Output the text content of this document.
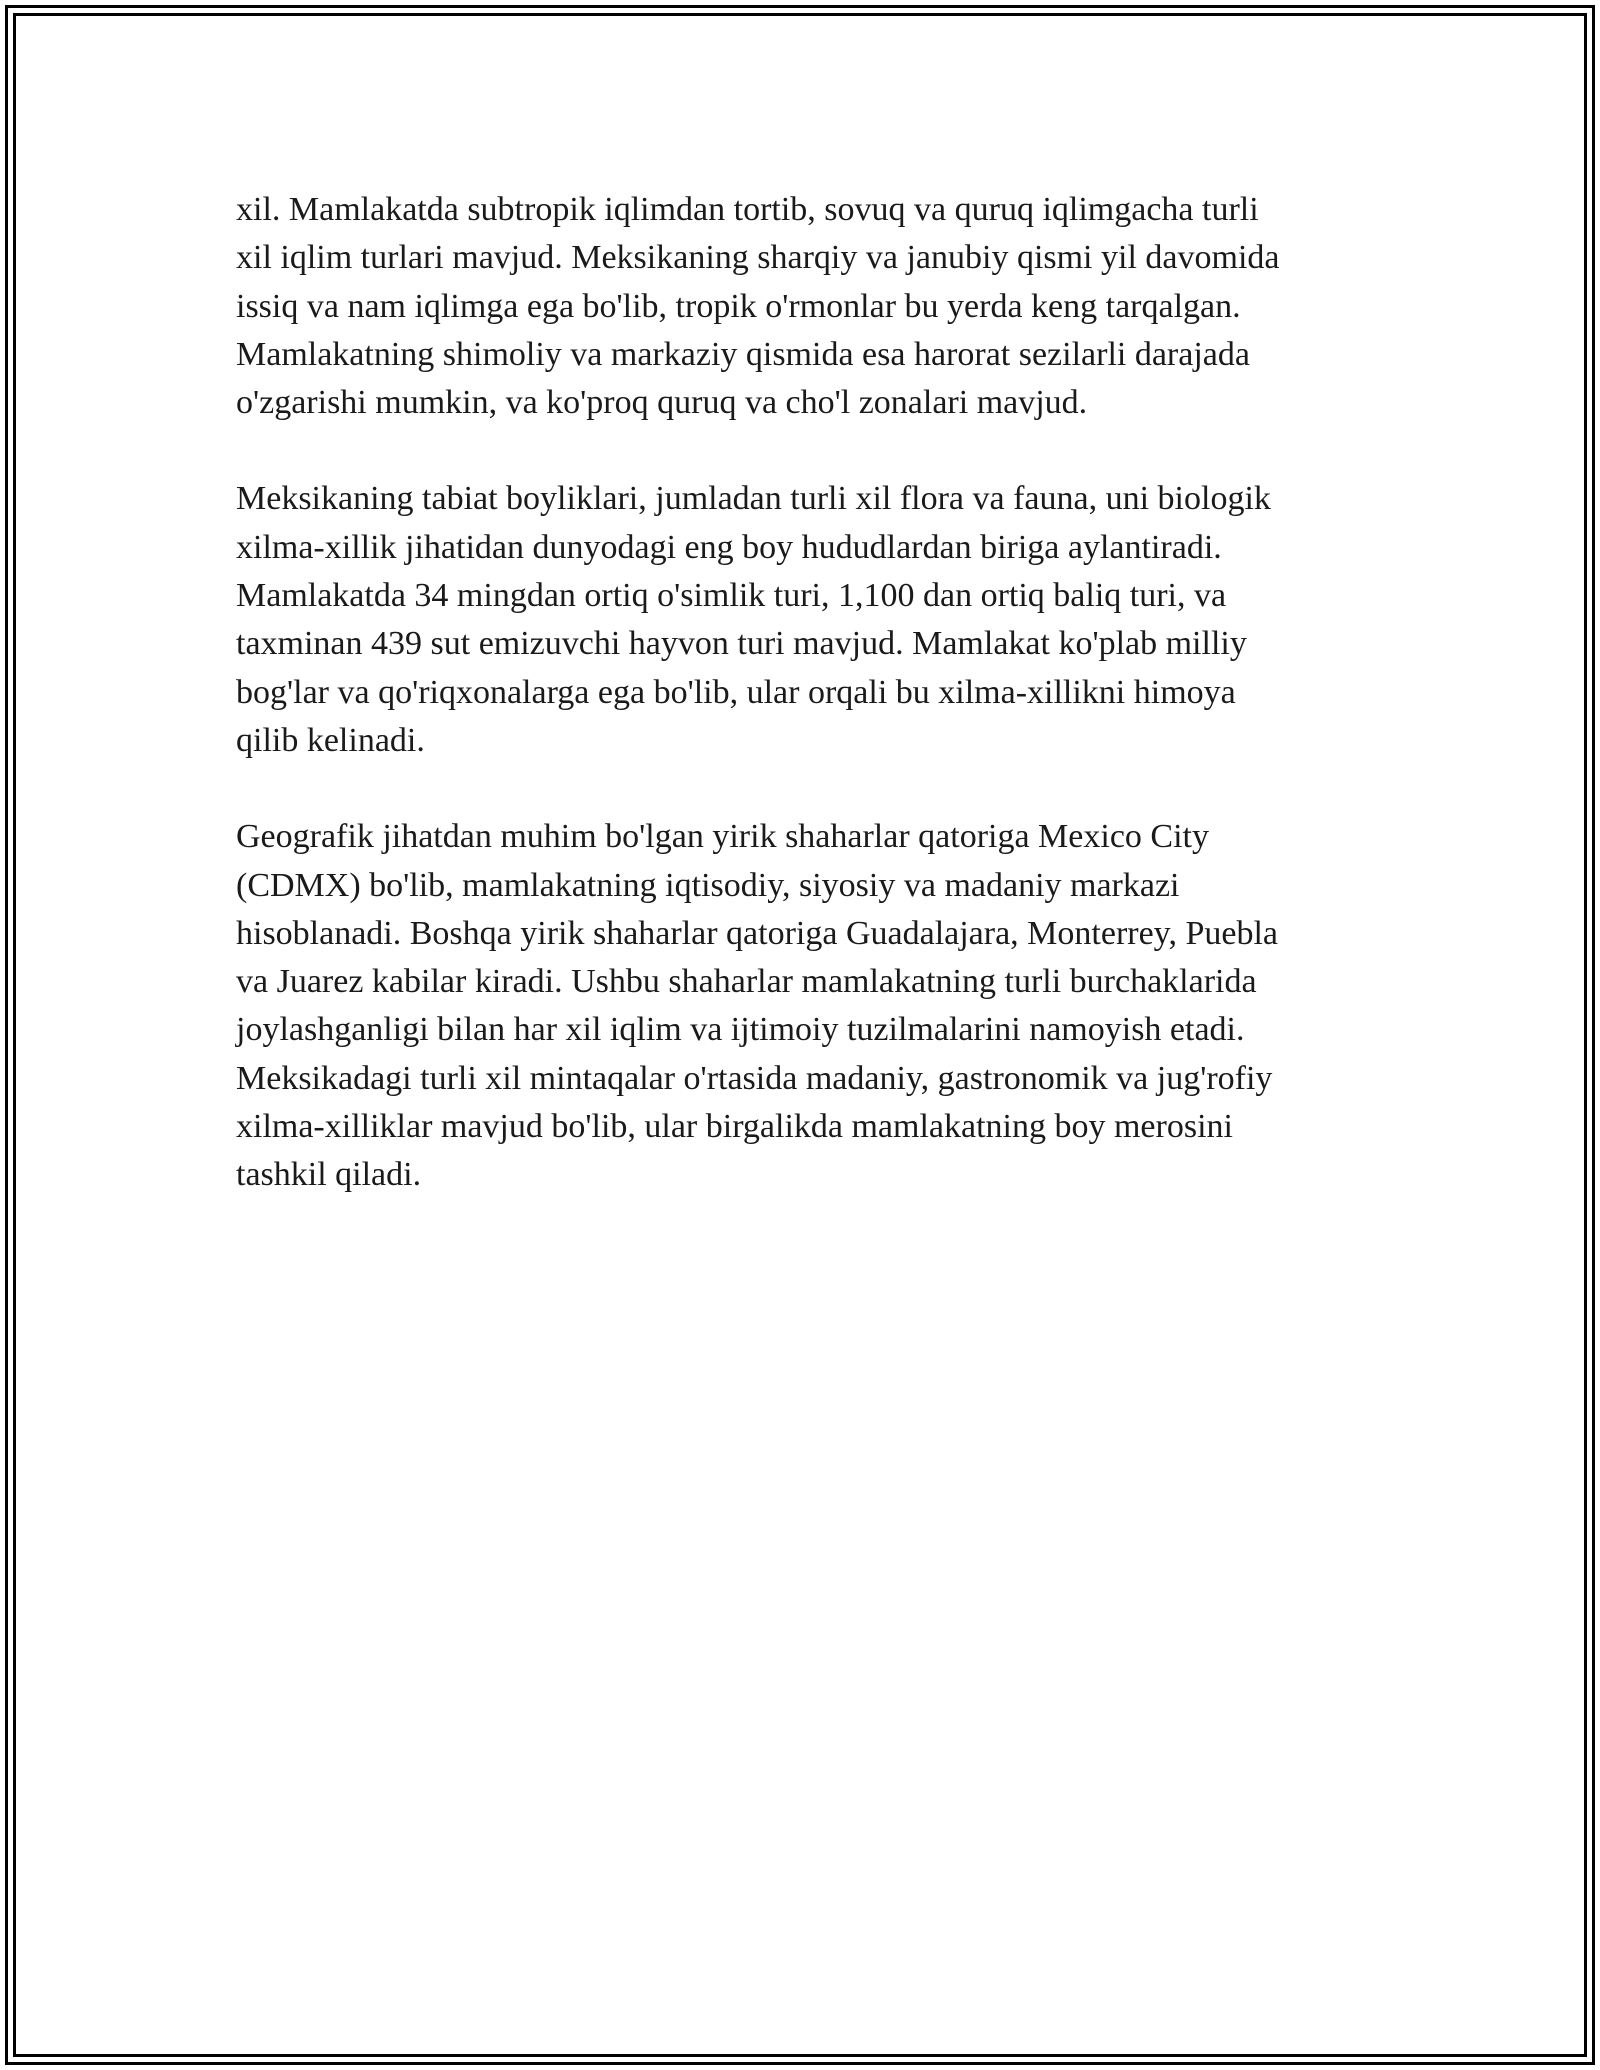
xil. Mamlakatda subtropik iqlimdan tortib, sovuq va quruq iqlimgacha turli
xil iqlim turlari mavjud. Meksikaning sharqiy va janubiy qismi yil davomida
issiq va nam iqlimga ega bo'lib, tropik o'rmonlar bu yerda keng tarqalgan.
Mamlakatning shimoliy va markaziy qismida esa harorat sezilarli darajada
o'zgarishi mumkin, va ko'proq quruq va cho'l zonalari mavjud.

Meksikaning tabiat boyliklari, jumladan turli xil flora va fauna, uni biologik
xilma-xillik jihatidan dunyodagi eng boy hududlardan biriga aylantiradi.
Mamlakatda 34 mingdan ortiq o'simlik turi, 1,100 dan ortiq baliq turi, va
taxminan 439 sut emizuvchi hayvon turi mavjud. Mamlakat ko'plab milliy
bog'lar va qo'riqxonalarga ega bo'lib, ular orqali bu xilma-xillikni himoya
qilib kelinadi.

Geografik jihatdan muhim bo'lgan yirik shaharlar qatoriga Mexico City
(CDMX) bo'lib, mamlakatning iqtisodiy, siyosiy va madaniy markazi
hisoblanadi. Boshqa yirik shaharlar qatoriga Guadalajara, Monterrey, Puebla
va Juarez kabilar kiradi. Ushbu shaharlar mamlakatning turli burchaklarida
joylashganligi bilan har xil iqlim va ijtimoiy tuzilmalarini namoyish etadi.
Meksikadagi turli xil mintaqalar o'rtasida madaniy, gastronomik va jug'rofiy
xilma-xilliklar mavjud bo'lib, ular birgalikda mamlakatning boy merosini
tashkil qiladi.
